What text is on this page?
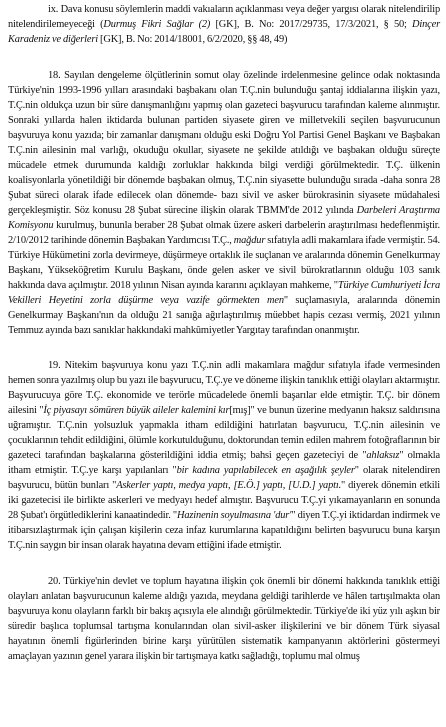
ix. Dava konusu söylemlerin maddi vakıaların açıklanması veya değer yargısı olarak nitelendirilip nitelendirilemeyeceği (Durmuş Fikri Sağlar (2) [GK], B. No: 2017/29735, 17/3/2021, § 50; Dinçer Karadeniz ve diğerleri [GK], B. No: 2014/18001, 6/2/2020, §§ 48, 49)

18. Sayılan dengeleme ölçütlerinin somut olay özelinde irdelenmesine gelince odak noktasında Türkiye'nin 1993-1996 yılları arasındaki başbakanı olan T.Ç.nin bulunduğu şantaj iddialarına ilişkin yazı, T.Ç.nin oldukça uzun bir süre danışmanlığını yapmış olan gazeteci başvurucu tarafından kaleme alınmıştır. Sonraki yıllarda halen iktidarda bulunan partiden siyasete giren ve milletvekili seçilen başvurucunun başvuruya konu yazıda; bir zamanlar danışmanı olduğu eski Doğru Yol Partisi Genel Başkanı ve Başbakan T.Ç.nin ailesinin mal varlığı, okuduğu okullar, siyasete ne şekilde atıldığı ve başbakan olduğu süreçte mücadele etmek durumunda kaldığı zorluklar hakkında bilgi verdiği görülmektedir. T.Ç. ülkenin koalisyonlarla yönetildiği bir dönemde başbakan olmuş, T.Ç.nin siyasette bulunduğu sırada -daha sonra 28 Şubat süreci olarak ifade edilecek olan dönemde- bazı sivil ve asker bürokrasinin siyasete müdahalesi gerçekleşmiştir. Söz konusu 28 Şubat sürecine ilişkin olarak TBMM'de 2012 yılında Darbeleri Araştırma Komisyonu kurulmuş, bununla beraber 28 Şubat olmak üzere askeri darbelerin araştırılması hedeflenmiştir. 2/10/2012 tarihinde dönemin Başbakan Yardımcısı T.Ç., mağdur sıfatıyla adli makamlara ifade vermiştir. 54. Türkiye Hükümetini zorla devirmeye, düşürmeye ortaklık ile suçlanan ve aralarında dönemin Genelkurmay Başkanı, Yükseköğretim Kurulu Başkanı, önde gelen asker ve sivil bürokratlarının olduğu 103 sanık hakkında dava açılmıştır. 2018 yılının Nisan ayında kararını açıklayan mahkeme, "Türkiye Cumhuriyeti İcra Vekilleri Heyetini zorla düşürme veya vazife görmekten men" suçlamasıyla, aralarında dönemin Genelkurmay Başkanı'nın da olduğu 21 sanığa ağırlaştırılmış müebbet hapis cezası vermiş, 2021 yılının Temmuz ayında bazı sanıklar hakkındaki mahkûmiyetler Yargıtay tarafından onanmıştır.

19. Nitekim başvuruya konu yazı T.Ç.nin adli makamlara mağdur sıfatıyla ifade vermesinden hemen sonra yazılmış olup bu yazı ile başvurucu, T.Ç.ye ve döneme ilişkin tanıklık ettiği olayları aktarmıştır. Başvurucuya göre T.Ç. ekonomide ve terörle mücadelede önemli başarılar elde etmiştir. T.Ç. bir dönem ailesini "İç piyasayı sömüren büyük aileler kalemini kır[mış]" ve bunun üzerine medyanın haksız saldırısına uğramıştır. T.Ç.nin yolsuzluk yapmakla itham edildiğini hatırlatan başvurucu, T.Ç.nin ailesinin ve çocuklarının tehdit edildiğini, ölümle korkutulduğunu, doktorundan temin edilen mahrem fotoğraflarının bir gazeteci tarafından başkalarına gösterildiğini iddia etmiş; bahsi geçen gazeteciyi de "ahlaksız" olmakla itham etmiştir. T.Ç.ye karşı yapılanları "bir kadına yapılabilecek en aşağılık şeyler" olarak nitelendiren başvurucu, bütün bunları "Askerler yaptı, medya yaptı, [E.Ö.] yaptı, [U.D.] yaptı." diyerek dönemin etkili iki gazetecisi ile birlikte askerleri ve medyayı hedef almıştır. Başvurucu T.Ç.yi yıkamayanların en sonunda 28 Şubat'ı örgütlediklerini kanaatindedir. "Hazinenin soyulmasına 'dur'" diyen T.Ç.yi iktidardan indirmek ve itibarsızlaştırmak için çalışan kişilerin ceza infaz kurumlarına kapatıldığını belirten başvurucu buna karşın T.Ç.nin saygın bir insan olarak hayatına devam ettiğini ifade etmiştir.

20. Türkiye'nin devlet ve toplum hayatına ilişkin çok önemli bir dönemi hakkında tanıklık ettiği olayları anlatan başvurucunun kaleme aldığı yazıda, meydana geldiği tarihlerde ve hâlen tartışılmakta olan başvuruya konu olayların farklı bir bakış açısıyla ele alındığı görülmektedir. Türkiye'de iki yüz yılı aşkın bir süredir başlıca toplumsal tartışma konularından olan sivil-asker ilişkilerini ve bir dönem Türk siyasal hayatının önemli figürlerinden birine karşı yürütülen sistematik kampanyanın aktörlerini göstermeyi amaçlayan yazının genel yarara ilişkin bir tartışmaya katkı sağladığı, toplumu mal olmuş
